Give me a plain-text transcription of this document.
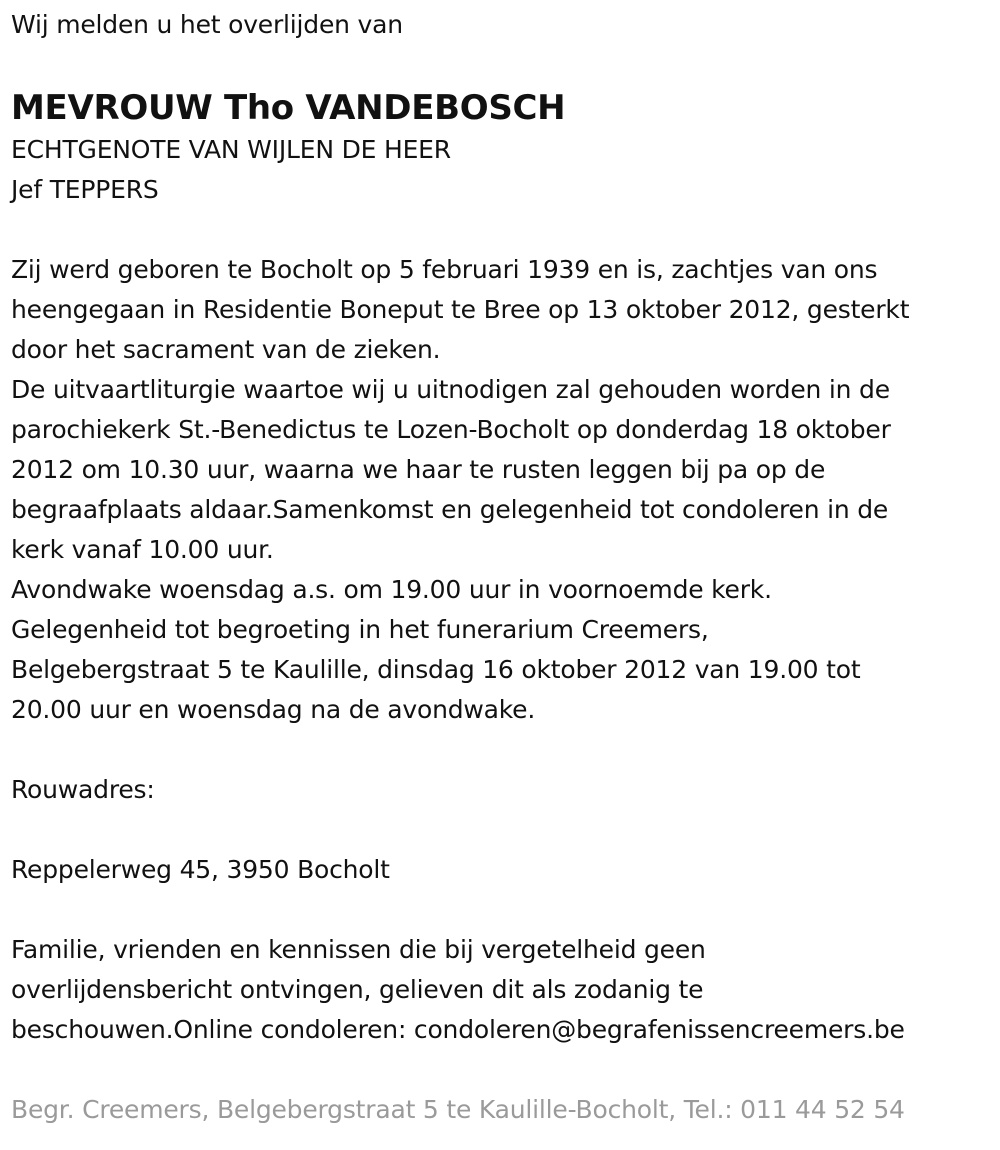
Wij melden u het overlijden van
MEVROUW Tho VANDEBOSCH
ECHTGENOTE VAN WIJLEN DE HEER
Jef TEPPERS
Zij werd geboren te Bocholt op 5 februari 1939 en is, zachtjes van ons
heengegaan in Residentie Boneput te Bree op 13 oktober 2012, gesterkt
door het sacrament van de zieken.
De uitvaartliturgie waartoe wij u uitnodigen zal gehouden worden in de
parochiekerk St.-Benedictus te Lozen-Bocholt op donderdag 18 oktober
2012 om 10.30 uur, waarna we haar te rusten leggen bij pa op de
begraafplaats aldaar.Samenkomst en gelegenheid tot condoleren in de
kerk vanaf 10.00 uur.
Avondwake woensdag a.s. om 19.00 uur in voornoemde kerk.
Gelegenheid tot begroeting in het funerarium Creemers,
Belgebergstraat 5 te Kaulille, dinsdag 16 oktober 2012 van 19.00 tot
20.00 uur en woensdag na de avondwake.
Rouwadres:
Reppelerweg 45, 3950 Bocholt
Familie, vrienden en kennissen die bij vergetelheid geen
overlijdensbericht ontvingen, gelieven dit als zodanig te
beschouwen.Online condoleren: condoleren@begrafenissencreemers.be
Begr. Creemers, Belgebergstraat 5 te Kaulille-Bocholt, Tel.: 011 44 52 54
